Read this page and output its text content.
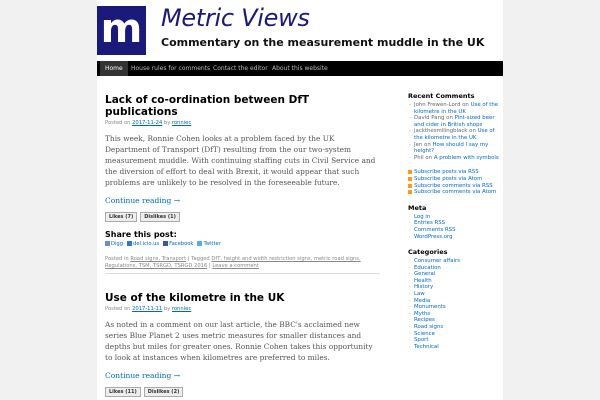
m Metric Views
Commentary on the measurement muddle in the UK
Home	House rules for comments Contact the editor About this website
Lack of co-ordination between DfT publications
Posted on 2017-11-24 by ronniec
This week, Ronnie Cohen looks at a problem faced by the UK Department of Transport (DfT) resulting from the our two-system measurement muddle. With continuing staffing cuts in Civil Service and the diversion of effort to deal with Brexit, it would appear that such problems are unlikely to be resolved in the foreseeable future.
Continue reading →
Likes (7)	Dislikes (1)
Share this post:
Digg	del.icio.us	Facebook	Twitter
Posted in Road signs, Transport | Tagged DfT, height and width restriction signs, metric road signs, Regulations, TSM, TSRGD, TSRGD 2016 | Leave a comment
Use of the kilometre in the UK
Posted on 2017-11-11 by ronniec
As noted in a comment on our last article, the BBC's acclaimed new series Blue Planet 2 uses metric measures for smaller distances and depths but miles for greater ones. Ronnie Cohen takes this opportunity to look at instances when kilometres are preferred to miles.
Continue reading →
Likes (11)	Dislikes (2)
Recent Comments
- John Frewen-Lord on Use of the kilometre in the UK
- David Pang on Pint-sized beer and cider in British shops
- jackthesmilingblack on Use of the kilometre in the UK
- Jen on How should I say my height?
- Phil on A problem with symbols
Subscribe posts via RSS
Subscribe posts via Atom
Subscribe comments via RSS
Subscribe comments via Atom
Meta
· Log in
· Entries RSS
· Comments RSS
· WordPress.org
Categories
· Consumer affairs
· Education
· General
· Health
· History
· Law
· Media
· Monuments
· Myths
· Recipes
· Road signs
· Science
· Sport
· Technical
